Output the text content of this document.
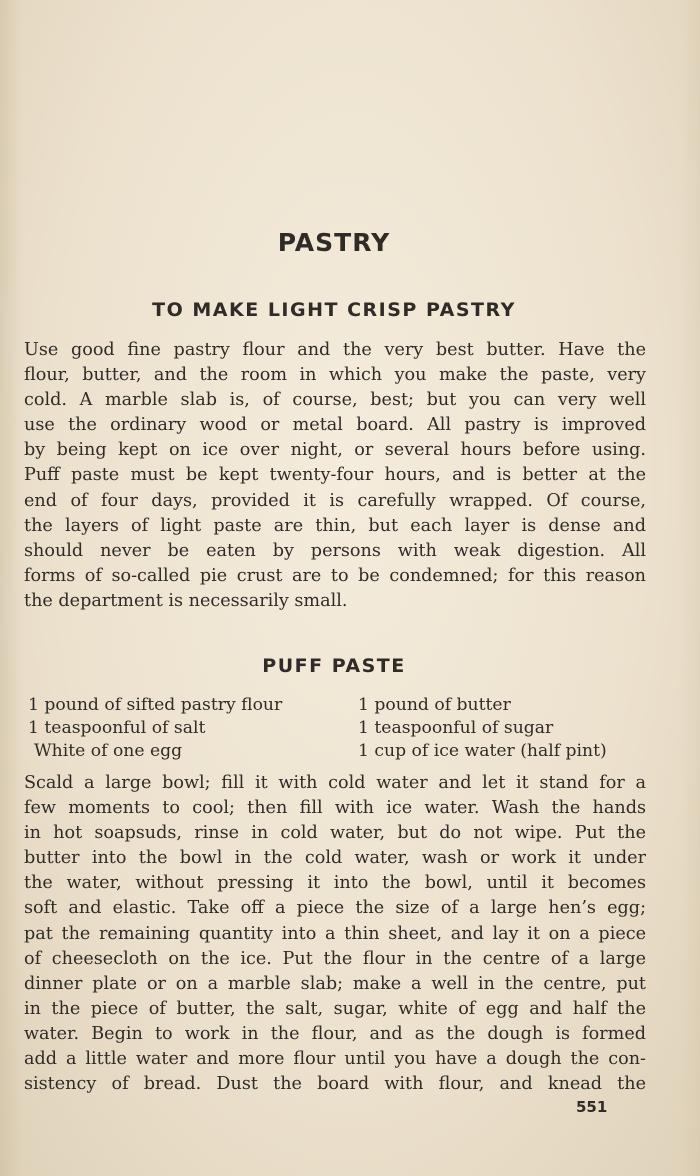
PASTRY
TO MAKE LIGHT CRISP PASTRY
Use good fine pastry flour and the very best butter. Have the
flour, butter, and the room in which you make the paste, very
cold. A marble slab is, of course, best; but you can very well
use the ordinary wood or metal board. All pastry is improved
by being kept on ice over night, or several hours before using.
Puff paste must be kept twenty-four hours, and is better at the
end of four days, provided it is carefully wrapped. Of course,
the layers of light paste are thin, but each layer is dense and
should never be eaten by persons with weak digestion. All
forms of so-called pie crust are to be condemned; for this reason
the department is necessarily small.
PUFF PASTE
1 pound of sifted pastry flour	1 pound of butter
1 teaspoonful of salt	1 teaspoonful of sugar
White of one egg	1 cup of ice water (half pint)
Scald a large bowl; fill it with cold water and let it stand for a
few moments to cool; then fill with ice water. Wash the hands
in hot soapsuds, rinse in cold water, but do not wipe. Put the
butter into the bowl in the cold water, wash or work it under
the water, without pressing it into the bowl, until it becomes
soft and elastic. Take off a piece the size of a large hen’s egg;
pat the remaining quantity into a thin sheet, and lay it on a piece
of cheesecloth on the ice. Put the flour in the centre of a large
dinner plate or on a marble slab; make a well in the centre, put
in the piece of butter, the salt, sugar, white of egg and half the
water. Begin to work in the flour, and as the dough is formed
add a little water and more flour until you have a dough the con-
sistency of bread. Dust the board with flour, and knead the
551
